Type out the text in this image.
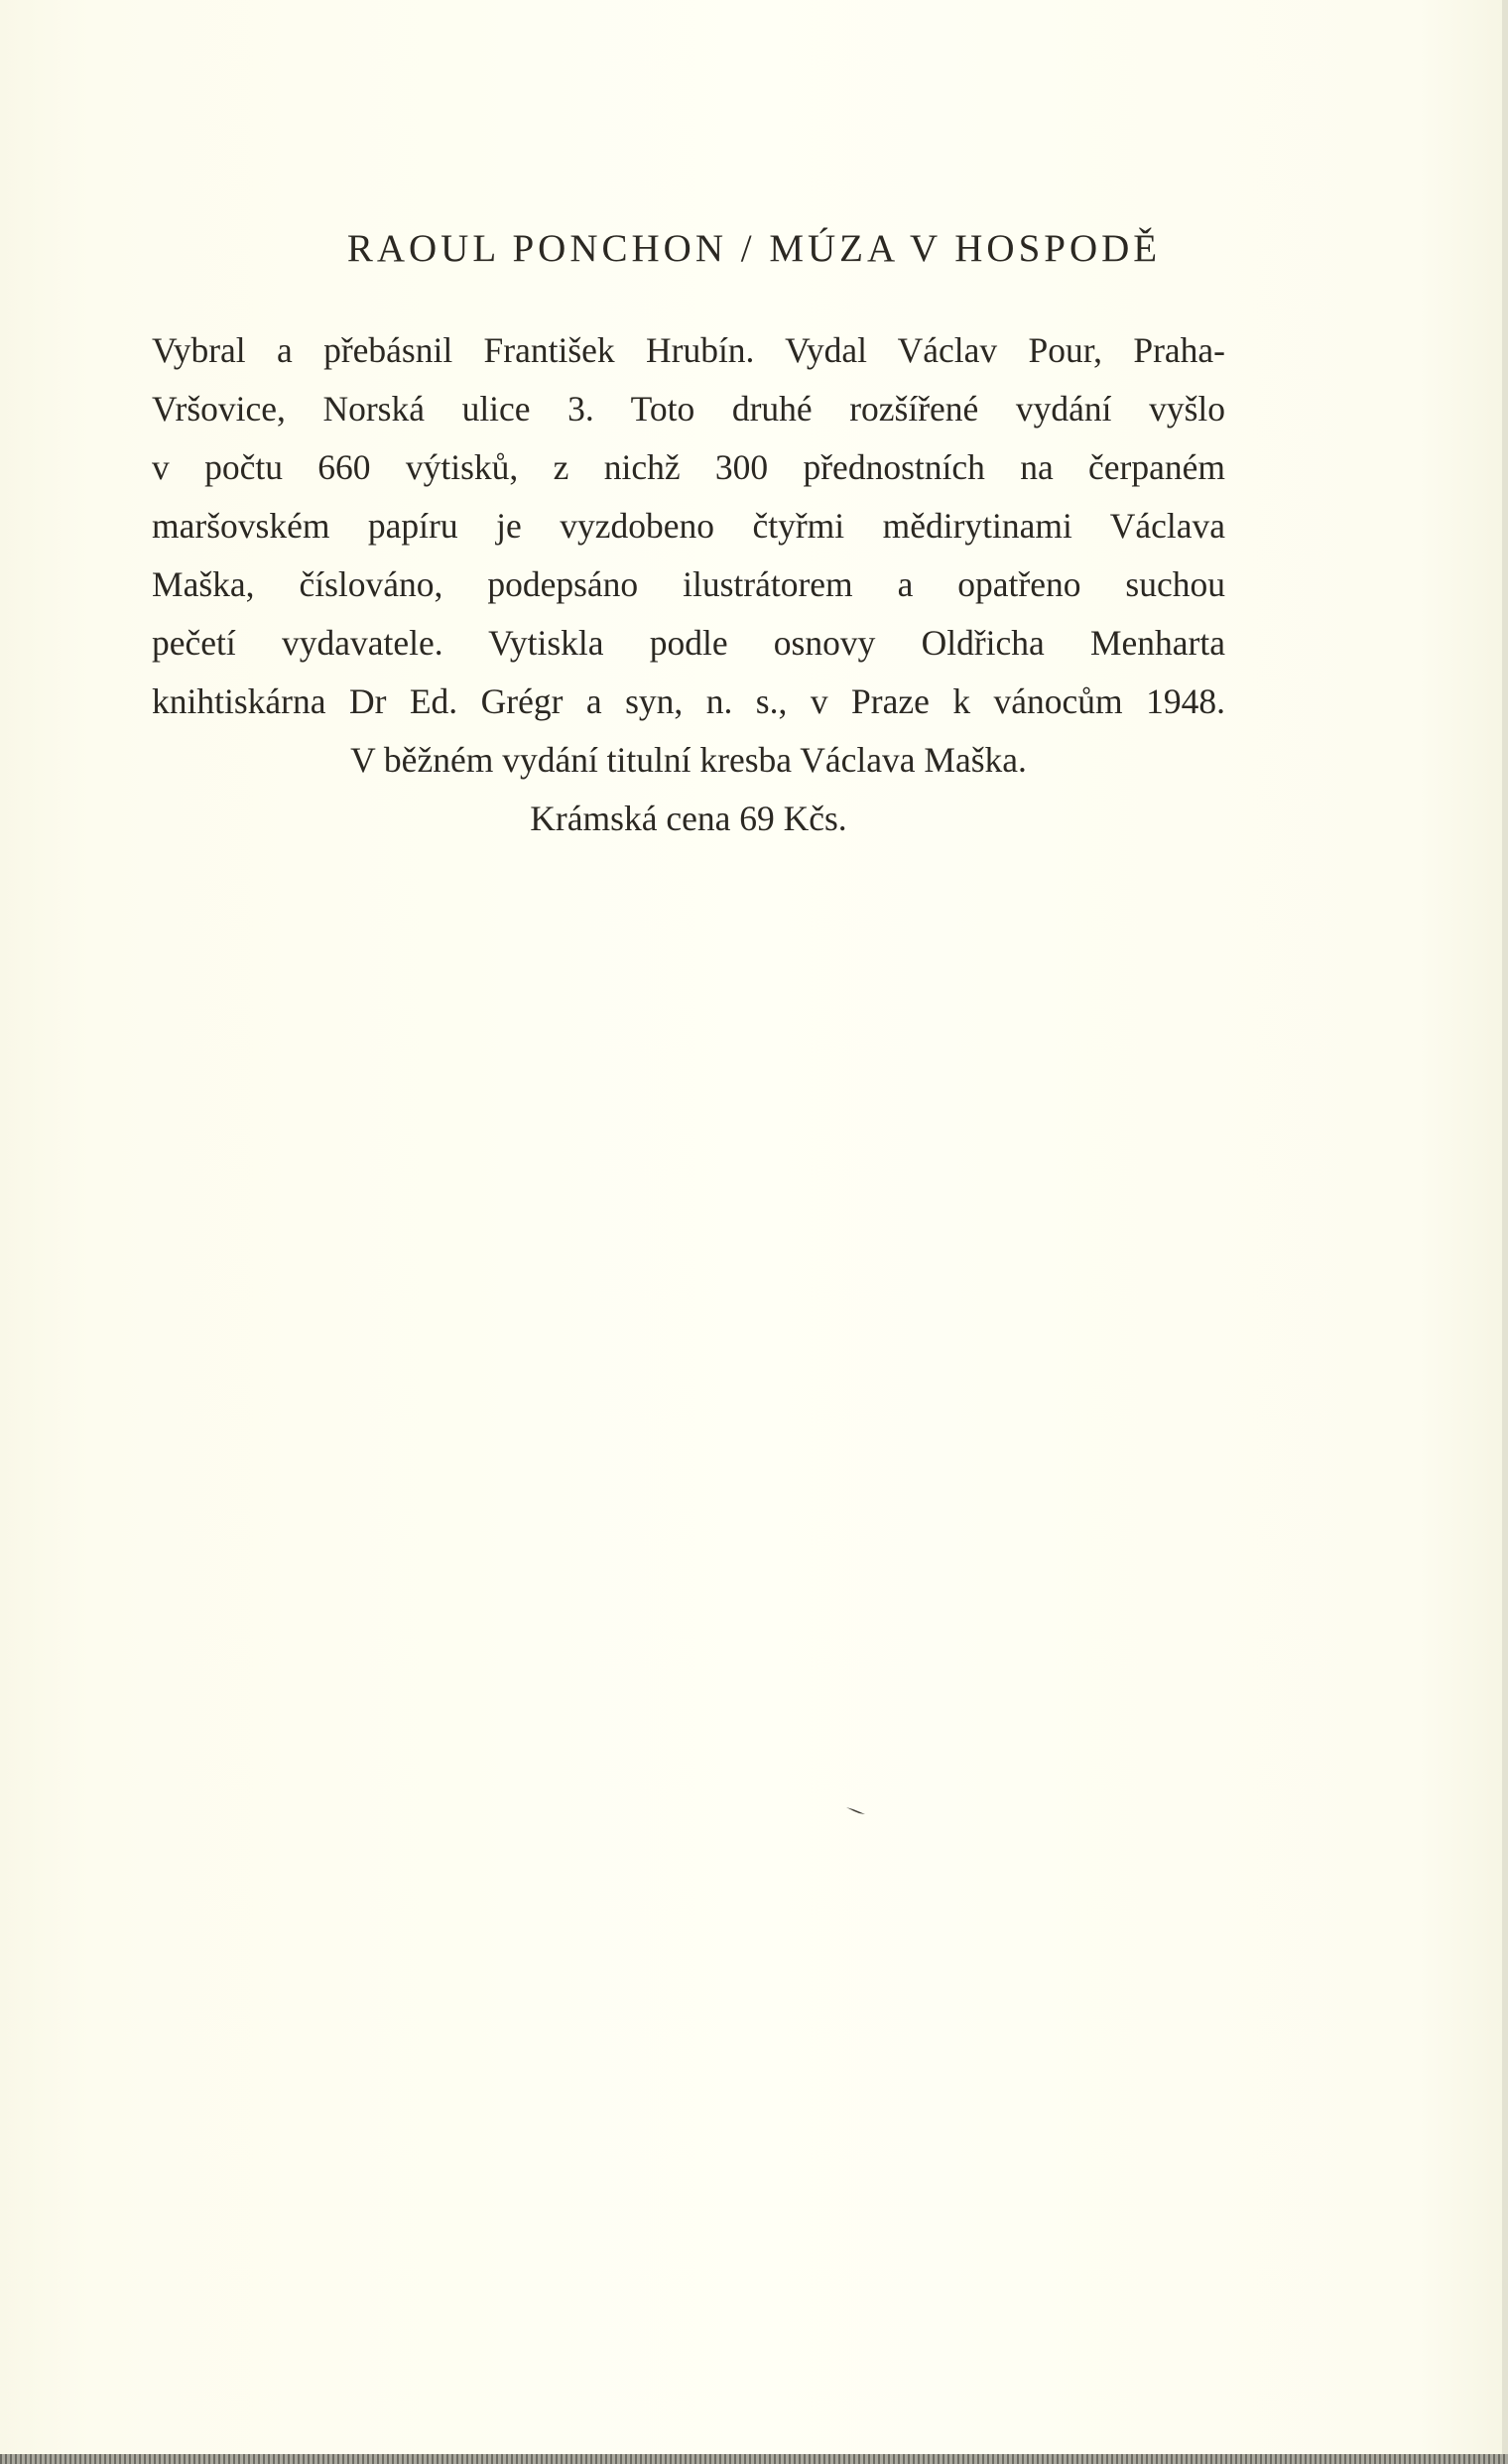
RAOUL PONCHON / MÚZA V HOSPODĚ
Vybral a přebásnil František Hrubín. Vydal Václav Pour, Praha-
Vršovice, Norská ulice 3. Toto druhé rozšířené vydání vyšlo
v počtu 660 výtisků, z nichž 300 přednostních na čerpaném
maršovském papíru je vyzdobeno čtyřmi mědirytinami Václava
Maška, číslováno, podepsáno ilustrátorem a opatřeno suchou
pečetí vydavatele. Vytiskla podle osnovy Oldřicha Menharta
knihtiskárna Dr Ed. Grégr a syn, n. s., v Praze k vánocům 1948.
V běžném vydání titulní kresba Václava Maška.
Krámská cena 69 Kčs.
